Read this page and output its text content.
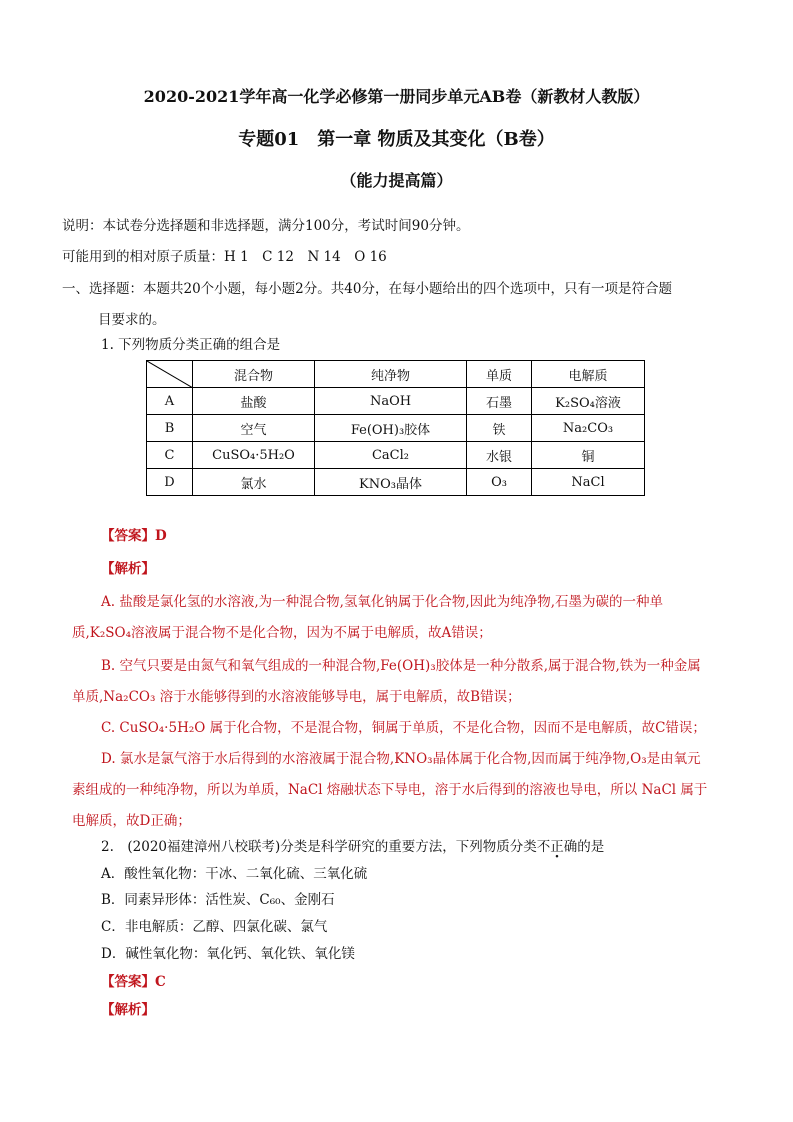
2020-2021学年高一化学必修第一册同步单元AB卷（新教材人教版）
专题01　第一章 物质及其变化（B卷）
（能力提高篇）
说明：本试卷分选择题和非选择题，满分100分，考试时间90分钟。
可能用到的相对原子质量：H 1　C 12　N 14　O 16
一、选择题：本题共20个小题，每小题2分。共40分，在每小题给出的四个选项中，只有一项是符合题
目要求的。
1. 下列物质分类正确的组合是
	混合物	纯净物	单质	电解质
A	盐酸	NaOH	石墨	K₂SO₄溶液
B	空气	Fe(OH)₃胶体	铁	Na₂CO₃
C	CuSO₄·5H₂O	CaCl₂	水银	铜
D	氯水	KNO₃晶体	O₃	NaCl
【答案】D
【解析】
A. 盐酸是氯化氢的水溶液,为一种混合物,氢氧化钠属于化合物,因此为纯净物,石墨为碳的一种单
质,K₂SO₄溶液属于混合物不是化合物，因为不属于电解质，故A错误；
B. 空气只要是由氮气和氧气组成的一种混合物,Fe(OH)₃胶体是一种分散系,属于混合物,铁为一种金属
单质,Na₂CO₃ 溶于水能够得到的水溶液能够导电，属于电解质，故B错误；
C. CuSO₄·5H₂O 属于化合物，不是混合物，铜属于单质，不是化合物，因而不是电解质，故C错误；
D. 氯水是氯气溶于水后得到的水溶液属于混合物,KNO₃晶体属于化合物,因而属于纯净物,O₃是由氧元
素组成的一种纯净物，所以为单质，NaCl 熔融状态下导电，溶于水后得到的溶液也导电，所以 NaCl 属于
电解质，故D正确；
2.　(2020福建漳州八校联考)分类是科学研究的重要方法，下列物质分类不正确的是
A．酸性氧化物：干冰、二氧化硫、三氧化硫
B．同素异形体：活性炭、C₆₀、金刚石
C．非电解质：乙醇、四氯化碳、氯气
D．碱性氧化物：氧化钙、氧化铁、氧化镁
【答案】C
【解析】
